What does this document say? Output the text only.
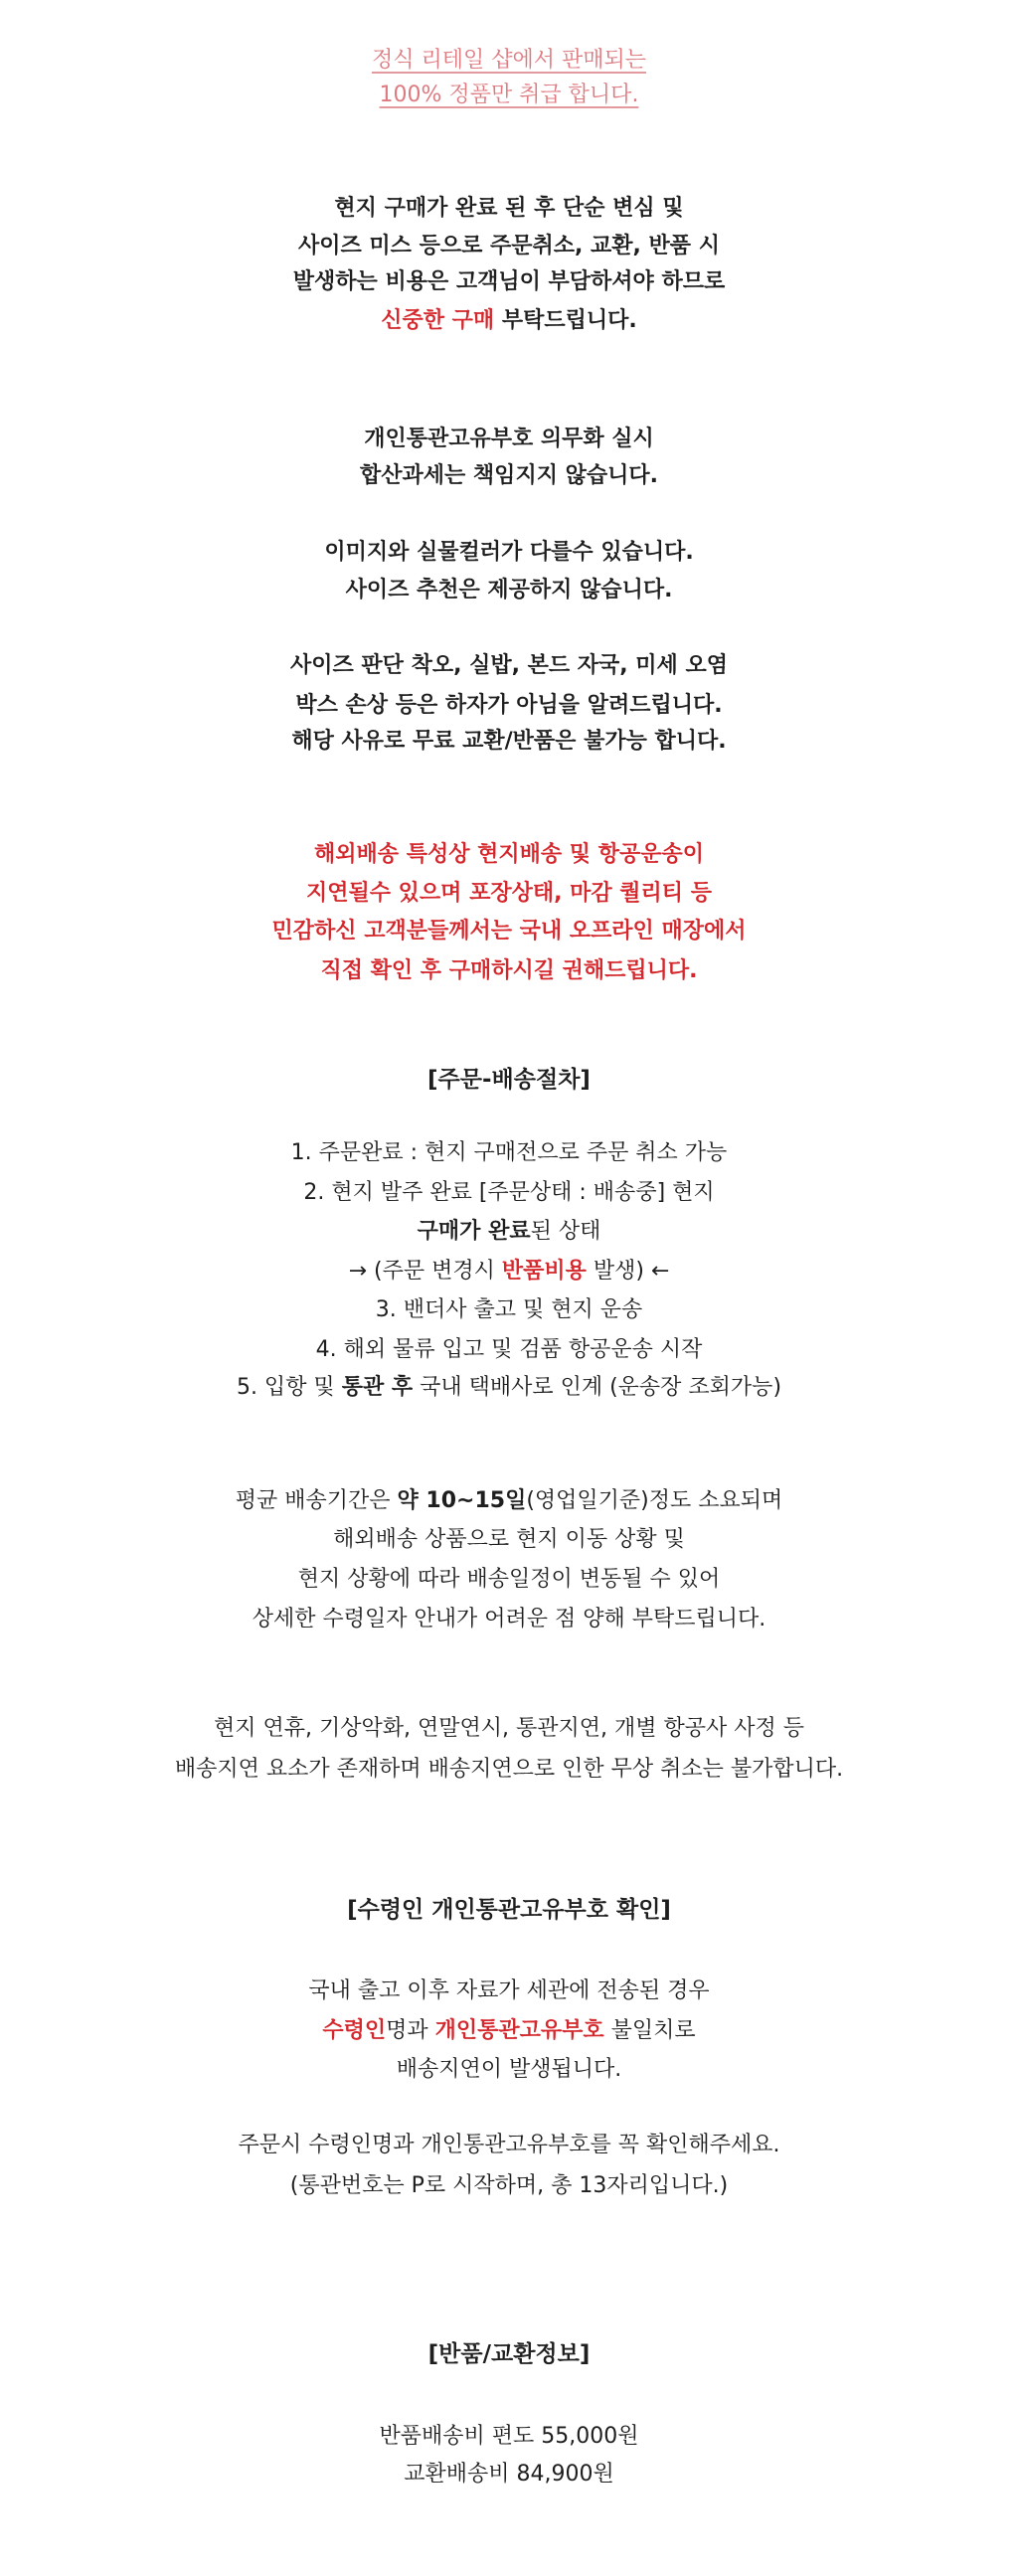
정식 리테일 샵에서 판매되는
100% 정품만 취급 합니다.
현지 구매가 완료 된 후 단순 변심 및
사이즈 미스 등으로 주문취소, 교환, 반품 시
발생하는 비용은 고객님이 부담하셔야 하므로
신중한 구매 부탁드립니다.
개인통관고유부호 의무화 실시
합산과세는 책임지지 않습니다.
이미지와 실물컬러가 다를수 있습니다.
사이즈 추천은 제공하지 않습니다.
사이즈 판단 착오, 실밥, 본드 자국, 미세 오염
박스 손상 등은 하자가 아님을 알려드립니다.
해당 사유로 무료 교환/반품은 불가능 합니다.
해외배송 특성상 현지배송 및 항공운송이
지연될수 있으며 포장상태, 마감 퀄리티 등
민감하신 고객분들께서는 국내 오프라인 매장에서
직접 확인 후 구매하시길 권해드립니다.
[주문-배송절차]
1. 주문완료 : 현지 구매전으로 주문 취소 가능
2. 현지 발주 완료 [주문상태 : 배송중] 현지
구매가 완료된 상태
→ (주문 변경시 반품비용 발생) ←
3. 밴더사 출고 및 현지 운송
4. 해외 물류 입고 및 검품 항공운송 시작
5. 입항 및 통관 후 국내 택배사로 인계 (운송장 조회가능)
평균 배송기간은 약 10~15일(영업일기준)정도 소요되며
해외배송 상품으로 현지 이동 상황 및
현지 상황에 따라 배송일정이 변동될 수 있어
상세한 수령일자 안내가 어려운 점 양해 부탁드립니다.
현지 연휴, 기상악화, 연말연시, 통관지연, 개별 항공사 사정 등
배송지연 요소가 존재하며 배송지연으로 인한 무상 취소는 불가합니다.
[수령인 개인통관고유부호 확인]
국내 출고 이후 자료가 세관에 전송된 경우
수령인명과 개인통관고유부호 불일치로
배송지연이 발생됩니다.
주문시 수령인명과 개인통관고유부호를 꼭 확인해주세요.
(통관번호는 P로 시작하며, 총 13자리입니다.)
[반품/교환정보]
반품배송비 편도 55,000원
교환배송비 84,900원
